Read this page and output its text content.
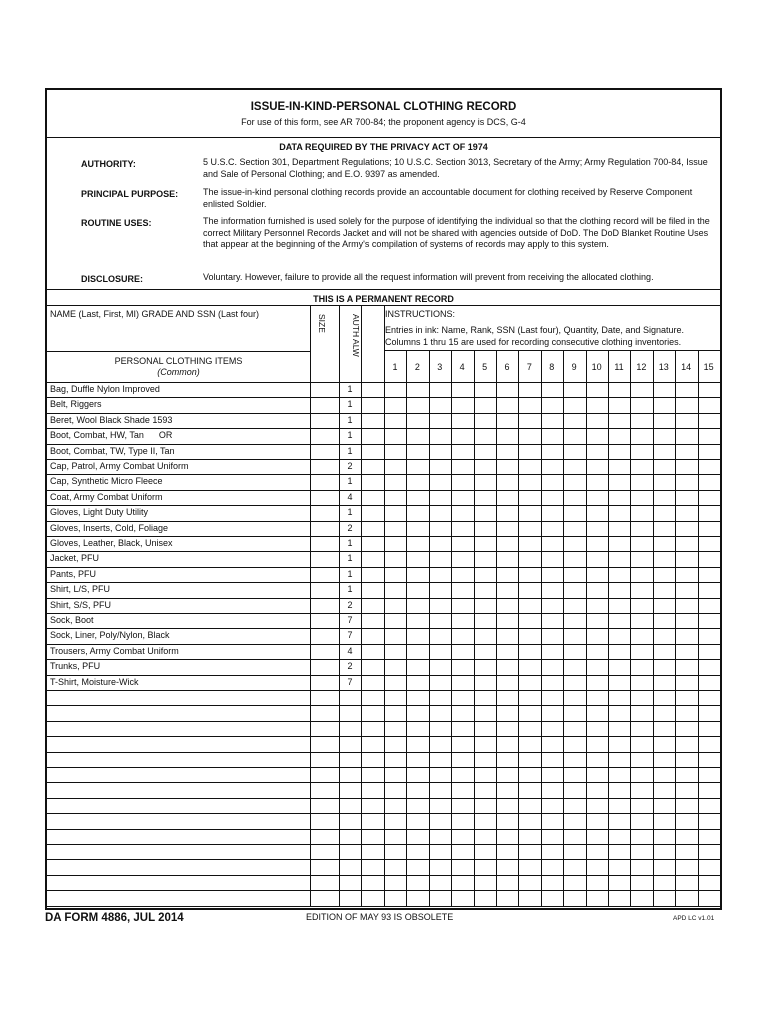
ISSUE-IN-KIND-PERSONAL CLOTHING RECORD
For use of this form, see AR 700-84; the proponent agency is DCS, G-4
DATA REQUIRED BY THE PRIVACY ACT OF 1974
AUTHORITY:	5 U.S.C. Section 301, Department Regulations; 10 U.S.C. Section 3013, Secretary of the Army; Army Regulation 700-84, Issue and Sale of Personal Clothing; and E.O. 9397 as amended.
PRINCIPAL PURPOSE:	The issue-in-kind personal clothing records provide an accountable document for clothing received by Reserve Component enlisted Soldier.
ROUTINE USES:	The information furnished is used solely for the purpose of identifying the individual so that the clothing record will be filed in the correct Military Personnel Records Jacket and will not be shared with agencies outside of DoD. The DoD Blanket Routine Uses that appear at the beginning of the Army's compilation of systems of records may apply to this system.
DISCLOSURE:	Voluntary. However, failure to provide all the request information will prevent from receiving the allocated clothing.
THIS IS A PERMANENT RECORD
NAME (Last, First, MI) GRADE AND SSN (Last four)	SIZE	AUTH ALW	INSTRUCTIONS:
Entries in ink: Name, Rank, SSN (Last four), Quantity, Date, and Signature. Columns 1 thru 15 are used for recording consecutive clothing inventories.
PERSONAL CLOTHING ITEMS
(Common)	1	2	3	4	5	6	7	8	9	10	11	12	13	14	15
Bag, Duffle Nylon Improved	1
Belt, Riggers	1
Beret, Wool Black Shade 1593	1
Boot, Combat, HW, Tan      OR	1
Boot, Combat, TW, Type II, Tan	1
Cap, Patrol, Army Combat Uniform	2
Cap, Synthetic Micro Fleece	1
Coat, Army Combat Uniform	4
Gloves, Light Duty Utility	1
Gloves, Inserts, Cold, Foliage	2
Gloves, Leather, Black, Unisex	1
Jacket, PFU	1
Pants, PFU	1
Shirt, L/S, PFU	1
Shirt, S/S, PFU	2
Sock, Boot	7
Sock, Liner, Poly/Nylon, Black	7
Trousers, Army Combat Uniform	4
Trunks, PFU	2
T-Shirt, Moisture-Wick	7
DA FORM 4886, JUL 2014	EDITION OF MAY 93 IS OBSOLETE	APD LC v1.01
